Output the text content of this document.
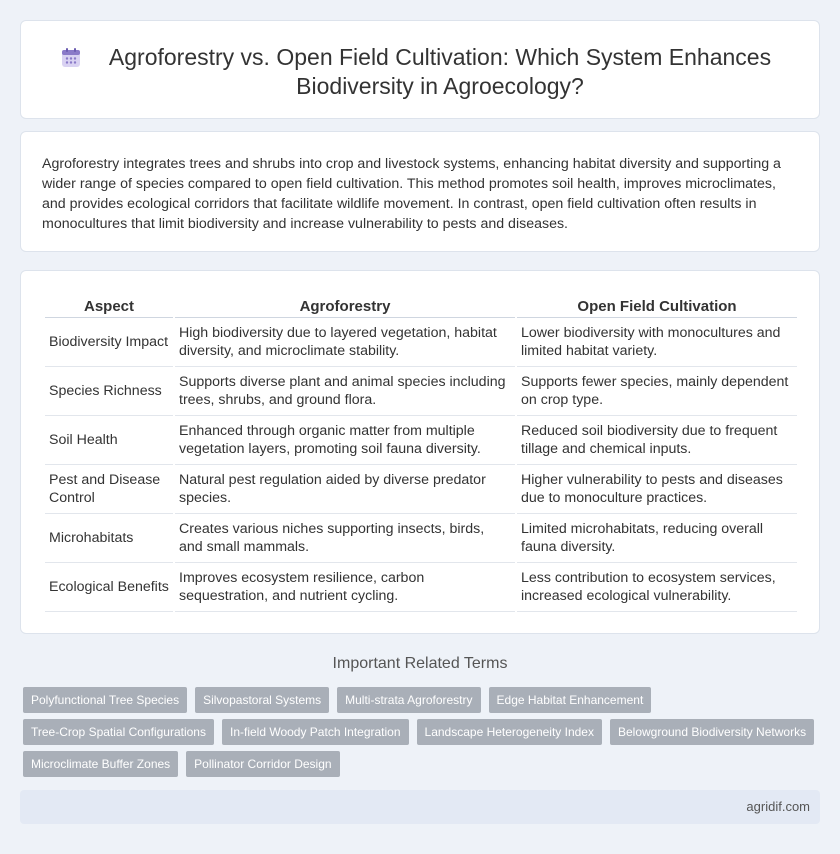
Agroforestry vs. Open Field Cultivation: Which System Enhances Biodiversity in Agroecology?

Agroforestry integrates trees and shrubs into crop and livestock systems, enhancing habitat diversity and supporting a wider range of species compared to open field cultivation. This method promotes soil health, improves microclimates, and provides ecological corridors that facilitate wildlife movement. In contrast, open field cultivation often results in monocultures that limit biodiversity and increase vulnerability to pests and diseases.

Aspect	Agroforestry	Open Field Cultivation
Biodiversity Impact	High biodiversity due to layered vegetation, habitat diversity, and microclimate stability.	Lower biodiversity with monocultures and limited habitat variety.
Species Richness	Supports diverse plant and animal species including trees, shrubs, and ground flora.	Supports fewer species, mainly dependent on crop type.
Soil Health	Enhanced through organic matter from multiple vegetation layers, promoting soil fauna diversity.	Reduced soil biodiversity due to frequent tillage and chemical inputs.
Pest and Disease Control	Natural pest regulation aided by diverse predator species.	Higher vulnerability to pests and diseases due to monoculture practices.
Microhabitats	Creates various niches supporting insects, birds, and small mammals.	Limited microhabitats, reducing overall fauna diversity.
Ecological Benefits	Improves ecosystem resilience, carbon sequestration, and nutrient cycling.	Less contribution to ecosystem services, increased ecological vulnerability.
Important Related Terms
Polyfunctional Tree Species	Silvopastoral Systems	Multi-strata Agroforestry	Edge Habitat Enhancement
Tree-Crop Spatial Configurations	In-field Woody Patch Integration	Landscape Heterogeneity Index	Belowground Biodiversity Networks
Microclimate Buffer Zones	Pollinator Corridor Design
agridif.com
